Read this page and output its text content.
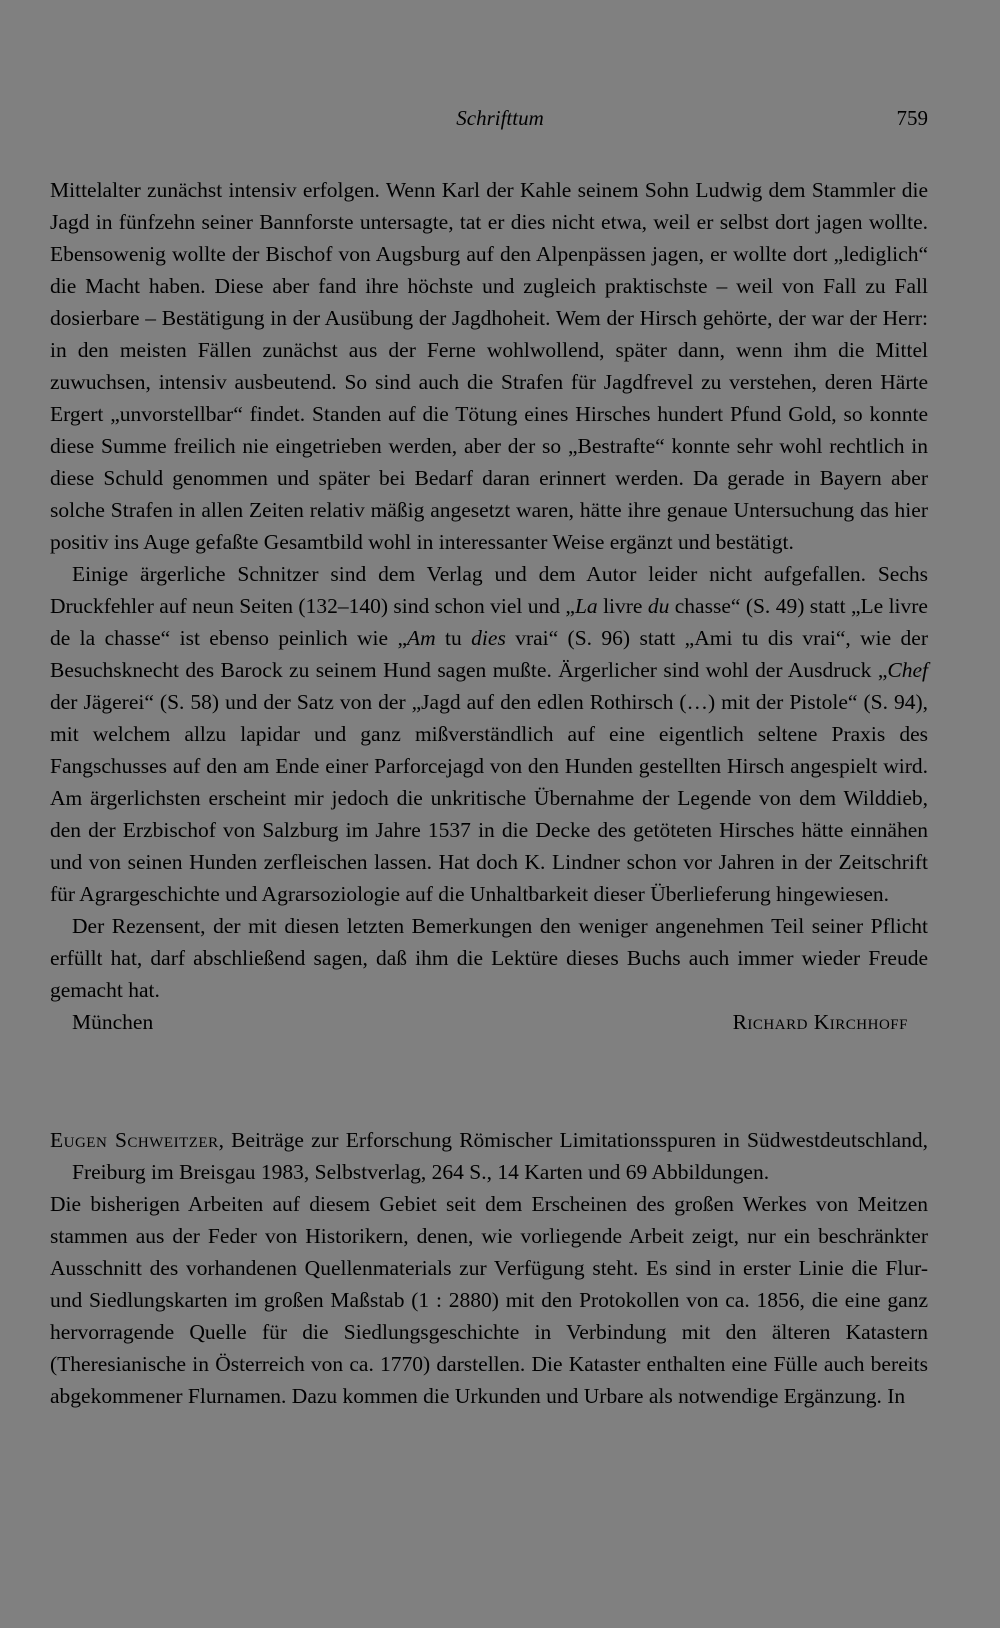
Schrifttum	759

Mittelalter zunächst intensiv erfolgen. Wenn Karl der Kahle seinem Sohn Ludwig dem Stammler die Jagd in fünfzehn seiner Bannforste untersagte, tat er dies nicht etwa, weil er selbst dort jagen wollte. Ebensowenig wollte der Bischof von Augsburg auf den Alpenpässen jagen, er wollte dort „lediglich“ die Macht haben. Diese aber fand ihre höchste und zugleich praktischste – weil von Fall zu Fall dosierbare – Bestätigung in der Ausübung der Jagdhoheit. Wem der Hirsch gehörte, der war der Herr: in den meisten Fällen zunächst aus der Ferne wohlwollend, später dann, wenn ihm die Mittel zuwuchsen, intensiv ausbeutend. So sind auch die Strafen für Jagdfrevel zu verstehen, deren Härte Ergert „unvorstellbar“ findet. Standen auf die Tötung eines Hirsches hundert Pfund Gold, so konnte diese Summe freilich nie eingetrieben werden, aber der so „Bestrafte“ konnte sehr wohl rechtlich in diese Schuld genommen und später bei Bedarf daran erinnert werden. Da gerade in Bayern aber solche Strafen in allen Zeiten relativ mäßig angesetzt waren, hätte ihre genaue Untersuchung das hier positiv ins Auge gefaßte Gesamtbild wohl in interessanter Weise ergänzt und bestätigt.

Einige ärgerliche Schnitzer sind dem Verlag und dem Autor leider nicht aufgefallen. Sechs Druckfehler auf neun Seiten (132–140) sind schon viel und „La livre du chasse“ (S. 49) statt „Le livre de la chasse“ ist ebenso peinlich wie „Am tu dies vrai“ (S. 96) statt „Ami tu dis vrai“, wie der Besuchsknecht des Barock zu seinem Hund sagen mußte. Ärgerlicher sind wohl der Ausdruck „Chef der Jägerei“ (S. 58) und der Satz von der „Jagd auf den edlen Rothirsch (…) mit der Pistole“ (S. 94), mit welchem allzu lapidar und ganz mißverständlich auf eine eigentlich seltene Praxis des Fangschusses auf den am Ende einer Parforcejagd von den Hunden gestellten Hirsch angespielt wird. Am ärgerlichsten erscheint mir jedoch die unkritische Übernahme der Legende von dem Wilddieb, den der Erzbischof von Salzburg im Jahre 1537 in die Decke des getöteten Hirsches hätte einnähen und von seinen Hunden zerfleischen lassen. Hat doch K. Lindner schon vor Jahren in der Zeitschrift für Agrargeschichte und Agrarsoziologie auf die Unhaltbarkeit dieser Überlieferung hingewiesen.

Der Rezensent, der mit diesen letzten Bemerkungen den weniger angenehmen Teil seiner Pflicht erfüllt hat, darf abschließend sagen, daß ihm die Lektüre dieses Buchs auch immer wieder Freude gemacht hat.

München	Richard Kirchhoff

Eugen Schweitzer, Beiträge zur Erforschung Römischer Limitationsspuren in Südwestdeutschland, Freiburg im Breisgau 1983, Selbstverlag, 264 S., 14 Karten und 69 Abbildungen.

Die bisherigen Arbeiten auf diesem Gebiet seit dem Erscheinen des großen Werkes von Meitzen stammen aus der Feder von Historikern, denen, wie vorliegende Arbeit zeigt, nur ein beschränkter Ausschnitt des vorhandenen Quellenmaterials zur Verfügung steht. Es sind in erster Linie die Flur- und Siedlungskarten im großen Maßstab (1 : 2880) mit den Protokollen von ca. 1856, die eine ganz hervorragende Quelle für die Siedlungsgeschichte in Verbindung mit den älteren Katastern (Theresianische in Österreich von ca. 1770) darstellen. Die Kataster enthalten eine Fülle auch bereits abgekommener Flurnamen. Dazu kommen die Urkunden und Urbare als notwendige Ergänzung. In
